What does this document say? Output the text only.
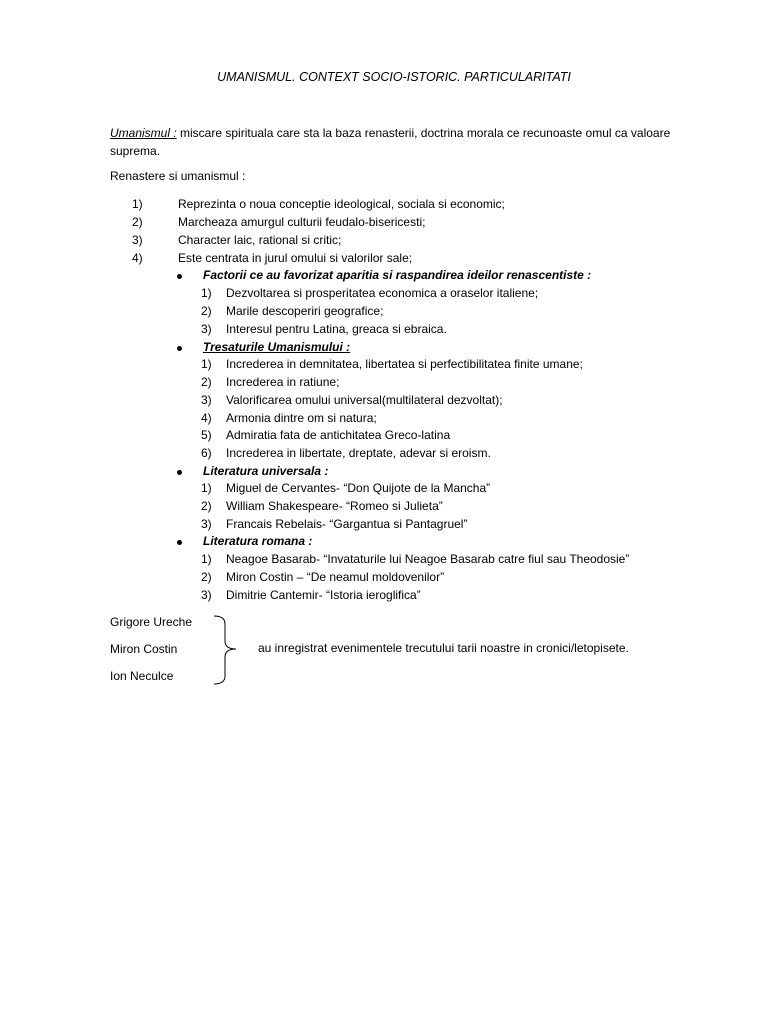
UMANISMUL. CONTEXT SOCIO-ISTORIC. PARTICULARITATI
Umanismul : miscare spirituala care sta la baza renasterii, doctrina morala ce recunoaste omul ca valoare suprema.
Renastere si umanismul :
1)	Reprezinta o noua conceptie ideological, sociala si economic;
2)	Marcheaza amurgul culturii feudalo-bisericesti;
3)	Character laic, rational si critic;
4)	Este centrata in jurul omului si valorilor sale;
Factorii ce au favorizat aparitia si raspandirea ideilor renascentiste :
1)	Dezvoltarea si prosperitatea economica a oraselor italiene;
2)	Marile descoperiri geografice;
3)	Interesul pentru Latina, greaca si ebraica.
Tresaturile Umanismului :
1)	Increderea in demnitatea, libertatea si perfectibilitatea finite umane;
2)	Increderea in ratiune;
3)	Valorificarea omului universal(multilateral dezvoltat);
4)	Armonia dintre om si natura;
5)	Admiratia fata de antichitatea Greco-latina
6)	Increderea in libertate, dreptate, adevar si eroism.
Literatura universala :
1)	Miguel de Cervantes- “Don Quijote de la Mancha”
2)	William Shakespeare- “Romeo si Julieta”
3)	Francais Rebelais- “Gargantua si Pantagruel”
Literatura romana :
1)	Neagoe Basarab- “Invataturile lui Neagoe Basarab catre fiul sau Theodosie”
2)	Miron Costin – “De neamul moldovenilor”
3)	Dimitrie Cantemir- “Istoria ieroglifica”
Grigore Ureche
Miron Costin
Ion Neculce
au inregistrat evenimentele trecutului tarii noastre in cronici/letopisete.
